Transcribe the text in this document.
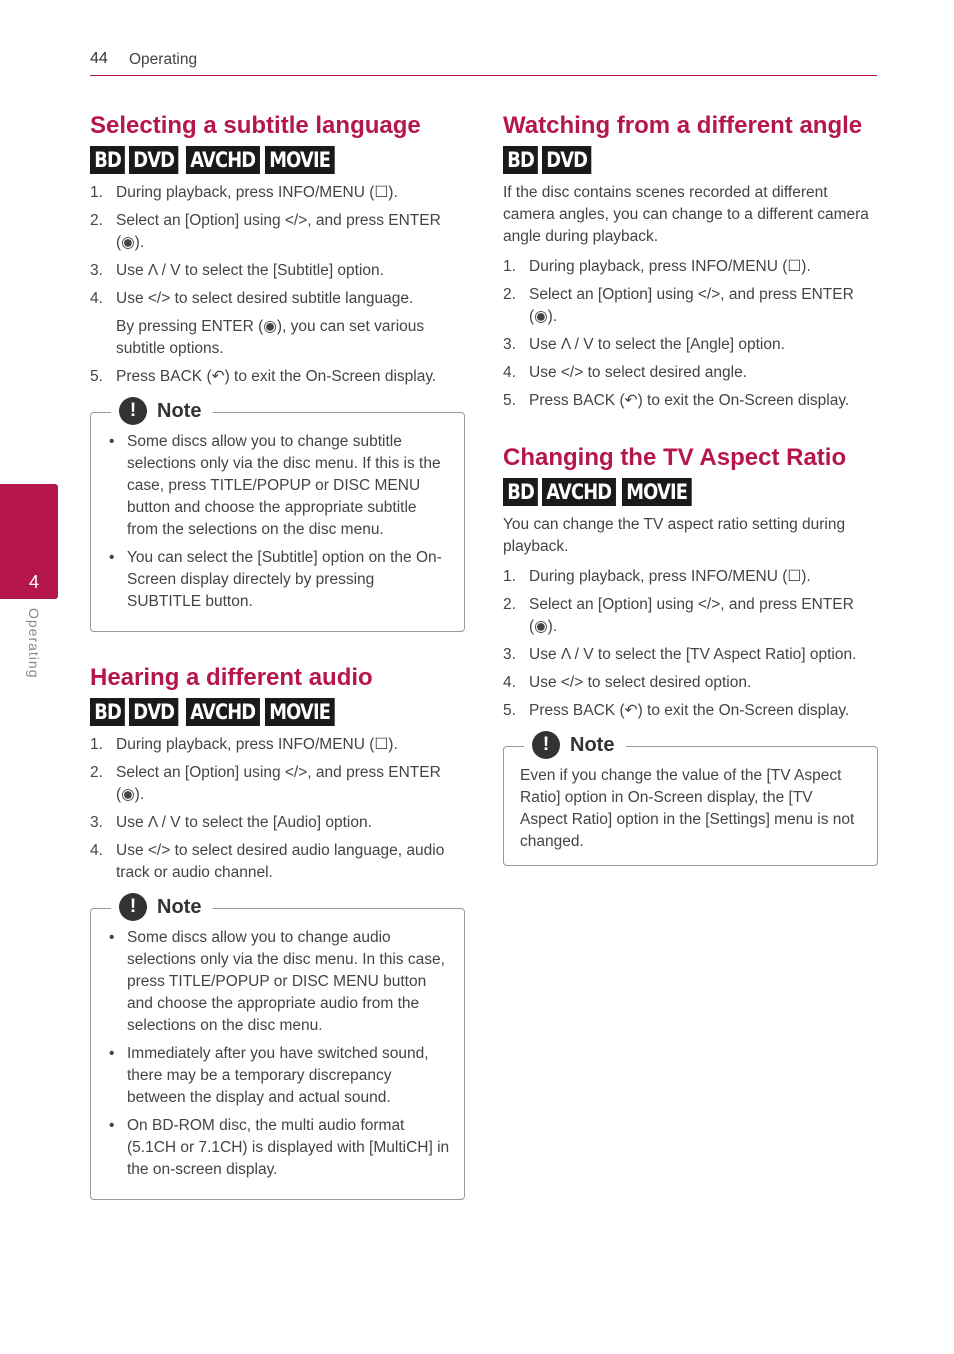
44 Operating
4
Operating
Selecting a subtitle language
BD DVD AVCHD MOVIE
1. During playback, press INFO/MENU (☐).
2. Select an [Option] using </>, and press ENTER (◉).
3. Use Λ / V to select the [Subtitle] option.
4. Use </> to select desired subtitle language.
By pressing ENTER (◉), you can set various subtitle options.
5. Press BACK (↶) to exit the On-Screen display.
!	Note
• Some discs allow you to change subtitle selections only via the disc menu. If this is the case, press TITLE/POPUP or DISC MENU button and choose the appropriate subtitle from the selections on the disc menu.
• You can select the [Subtitle] option on the On-Screen display directely by pressing SUBTITLE button.
Hearing a different audio
BD DVD AVCHD MOVIE
1. During playback, press INFO/MENU (☐).
2. Select an [Option] using </>, and press ENTER (◉).
3. Use Λ / V to select the [Audio] option.
4. Use </> to select desired audio language, audio track or audio channel.
!	Note
• Some discs allow you to change audio selections only via the disc menu. In this case, press TITLE/POPUP or DISC MENU button and choose the appropriate audio from the selections on the disc menu.
• Immediately after you have switched sound, there may be a temporary discrepancy between the display and actual sound.
• On BD-ROM disc, the multi audio format (5.1CH or 7.1CH) is displayed with [MultiCH] in the on-screen display.
Watching from a different angle
BD DVD

If the disc contains scenes recorded at different camera angles, you can change to a different camera angle during playback.

1. During playback, press INFO/MENU (☐).
2. Select an [Option] using </>, and press ENTER (◉).
3. Use Λ / V to select the [Angle] option.
4. Use </> to select desired angle.
5. Press BACK (↶) to exit the On-Screen display.
Changing the TV Aspect Ratio
BD AVCHD MOVIE

You can change the TV aspect ratio setting during playback.

1. During playback, press INFO/MENU (☐).
2. Select an [Option] using </>, and press ENTER (◉).
3. Use Λ / V to select the [TV Aspect Ratio] option.
4. Use </> to select desired option.
5. Press BACK (↶) to exit the On-Screen display.
!	Note

Even if you change the value of the [TV Aspect Ratio] option in On-Screen display, the [TV Aspect Ratio] option in the [Settings] menu is not changed.
